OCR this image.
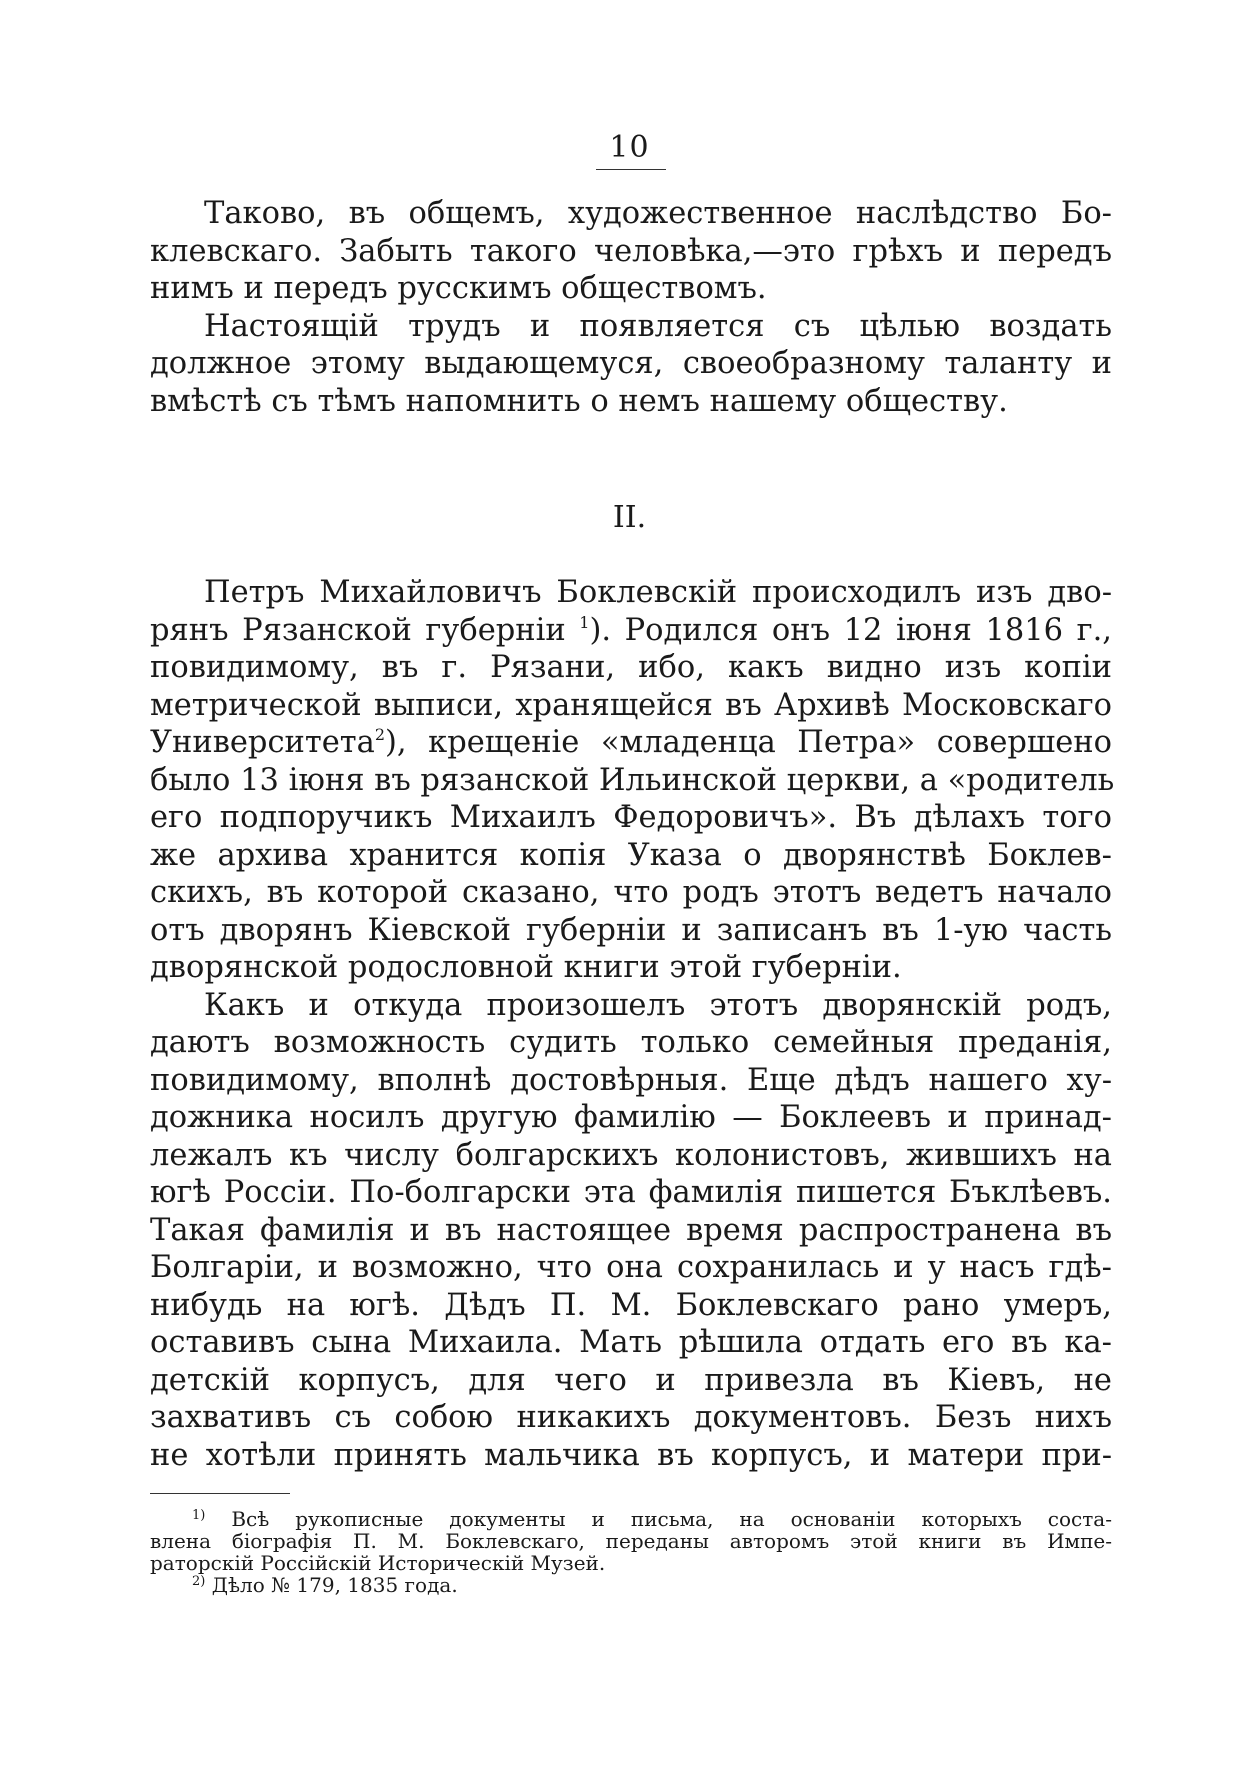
10
Таково, въ общемъ, художественное наслѣдство Бо-
клевскаго. Забыть такого человѣка,—это грѣхъ и передъ
нимъ и передъ русскимъ обществомъ.
Настоящій трудъ и появляется съ цѣлью воздать
должное этому выдающемуся, своеобразному таланту и
вмѣстѣ съ тѣмъ напомнить о немъ нашему обществу.
II.
Петръ Михайловичъ Боклевскій происходилъ изъ дво-
рянъ Рязанской губерніи $^1$). Родился онъ 12 іюня 1816 г.,
повидимому, въ г. Рязани, ибо, какъ видно изъ копіи
метрической выписи, хранящейся въ Архивѣ Московскаго
Университета$^2$), крещеніе «младенца Петра» совершено
было 13 іюня въ рязанской Ильинской церкви, а «родитель
его подпоручикъ Михаилъ Федоровичъ». Въ дѣлахъ того
же архива хранится копія Указа о дворянствѣ Боклев-
скихъ, въ которой сказано, что родъ этотъ ведетъ начало
отъ дворянъ Кіевской губерніи и записанъ въ 1-ую часть
дворянской родословной книги этой губерніи.
Какъ и откуда произошелъ этотъ дворянскій родъ,
даютъ возможность судить только семейныя преданія,
повидимому, вполнѣ достовѣрныя. Еще дѣдъ нашего ху-
дожника носилъ другую фамилію — Боклеевъ и принад-
лежалъ къ числу болгарскихъ колонистовъ, жившихъ на
югѣ Россіи. По-болгарски эта фамилія пишется Бъклѣевъ.
Такая фамилія и въ настоящее время распространена въ
Болгаріи, и возможно, что она сохранилась и у насъ гдѣ-
нибудь на югѣ. Дѣдъ П. М. Боклевскаго рано умеръ,
оставивъ сына Михаила. Мать рѣшила отдать его въ ка-
детскій корпусъ, для чего и привезла въ Кіевъ, не
захвативъ съ собою никакихъ документовъ. Безъ нихъ
не хотѣли принять мальчика въ корпусъ, и матери при-
$^{1)}$ Всѣ рукописные документы и письма, на основаніи которыхъ соста-
влена біографія П. М. Боклевскаго, переданы авторомъ этой книги въ Импе-
раторскій Россійскій Историческій Музей.
$^{2)}$ Дѣло № 179, 1835 года.
